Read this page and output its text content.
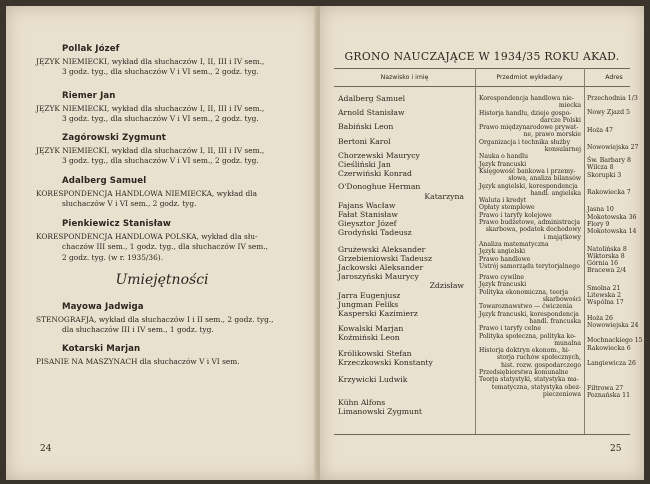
Pollak Józef
JĘZYK NIEMIECKI, wykład dla słuchaczów I, II, III i IV sem.,
3 godz. tyg., dla słuchaczów V i VI sem., 2 godz. tyg.
Riemer Jan
JĘZYK NIEMIECKI, wykład dla słuchaczów I, II, III i IV sem.,
3 godz. tyg., dla słuchaczów V i VI sem., 2 godz. tyg.
Zagórowski Zygmunt
JĘZYK NIEMIECKI, wykład dla słuchaczów I, II, III i IV sem.,
3 godz. tyg., dla słuchaczów V i VI sem., 2 godz. tyg.
Adalberg Samuel
KORESPONDENCJA HANDLOWA NIEMIECKA, wykład dla
słuchaczów V i VI sem., 2 godz. tyg.
Pienkiewicz Stanisław
KORESPONDENCJA HANDLOWA POLSKA, wykład dla słu-
chaczów III sem., 1 godz. tyg., dla słuchaczów IV sem.,
2 godz. tyg. (w r. 1935/36).
Umiejętności
Mayowa Jadwiga
STENOGRAFJA, wykład dla słuchaczów I i II sem., 2 godz. tyg.,
dla słuchaczów III i IV sem., 1 godz. tyg.
Kotarski Marjan
PISANIE NA MASZYNACH dla słuchaczów V i VI sem.
24
GRONO NAUCZAJĄCE W 1934/35 ROKU AKAD.
Nazwisko i imię	Przedmiot wykładany	Adres
Adalberg Samuel
Arnold Stanisław
Babiński Leon
Bertoni Karol
Chorzewski Maurycy
Cieśliński Jan
Czerwiński Konrad
O'Donoghue Herman
Katarzyna
Fajans Wacław
Fałat Stanisław
Gieysztor Józef
Grodyński Tadeusz
Grużewski Aleksander
Grzebieniowski Tadeusz
Jackowski Aleksander
Jaroszyński Maurycy
Zdzisław
Jarra Eugenjusz
Jungman Feliks
Kasperski Kazimierz
Kowalski Marjan
Koźmiński Leon
Królikowski Stefan
Krzeczkowski Konstanty
Krzywicki Ludwik
Kühn Alfons
Limanowski Zygmunt
Korespondencja handlowa nie-
miecka
Historja handlu, dzieje gospo-
darcze Polski
Prawo międzynarodowe prywat-
ne, prawo morskie
Organizacja i technika służby
konsularnej
Nauka o handlu
Język francuski
Księgowość bankowa i przemy-
słowa, analiza bilansów
Język angielski, korespondencja
handl. angielska
Waluta i kredyt
Opłaty stemplowe
Prawo i taryfy kolejowe
Prawo budżetowe, administracja
skarbowa, podatek dochodowy
i majątkowy
Analiza matematyczna
Język angielski
Prawo handlowe
Ustrój samorządu terytorjalnego
Prawo cywilne
Język francuski
Polityka ekonomiczna, teorja
skarbowości
Towaroznawstwo — ćwiczenia
Język francuski, korespondencja
handl. francuska
Prawo i taryfy celne
Polityka społeczna, polityka ko-
munalna
Historja doktryn ekonom., hi-
storja ruchów społecznych,
hist. rozw. gospodarczego
Przedsiębiorstwa komunalne
Teorja statystyki, statystyka ma-
tematyczna, statystyka obez-
pieczeniowa
Przechodnia 1/3
Nowy Zjazd 5
Hoża 47
Nowowiejska 27
Św. Barbary 8
Wilcza 8
Skorupki 3
Rakowiecka 7
Jasna 10
Mokotowska 36
Flory 9
Mokotowska 14
Natolińska 8
Wiktorska 8
Górnia 16
Bracewa 2/4
Smolna 21
Litewska 2
Wspólna 17
Hoża 26
Nowowiejska 24
Mochnackiego 15
Rakowiecka 6
Langiewicza 26
Filtrowa 27
Poznańska 11
25
